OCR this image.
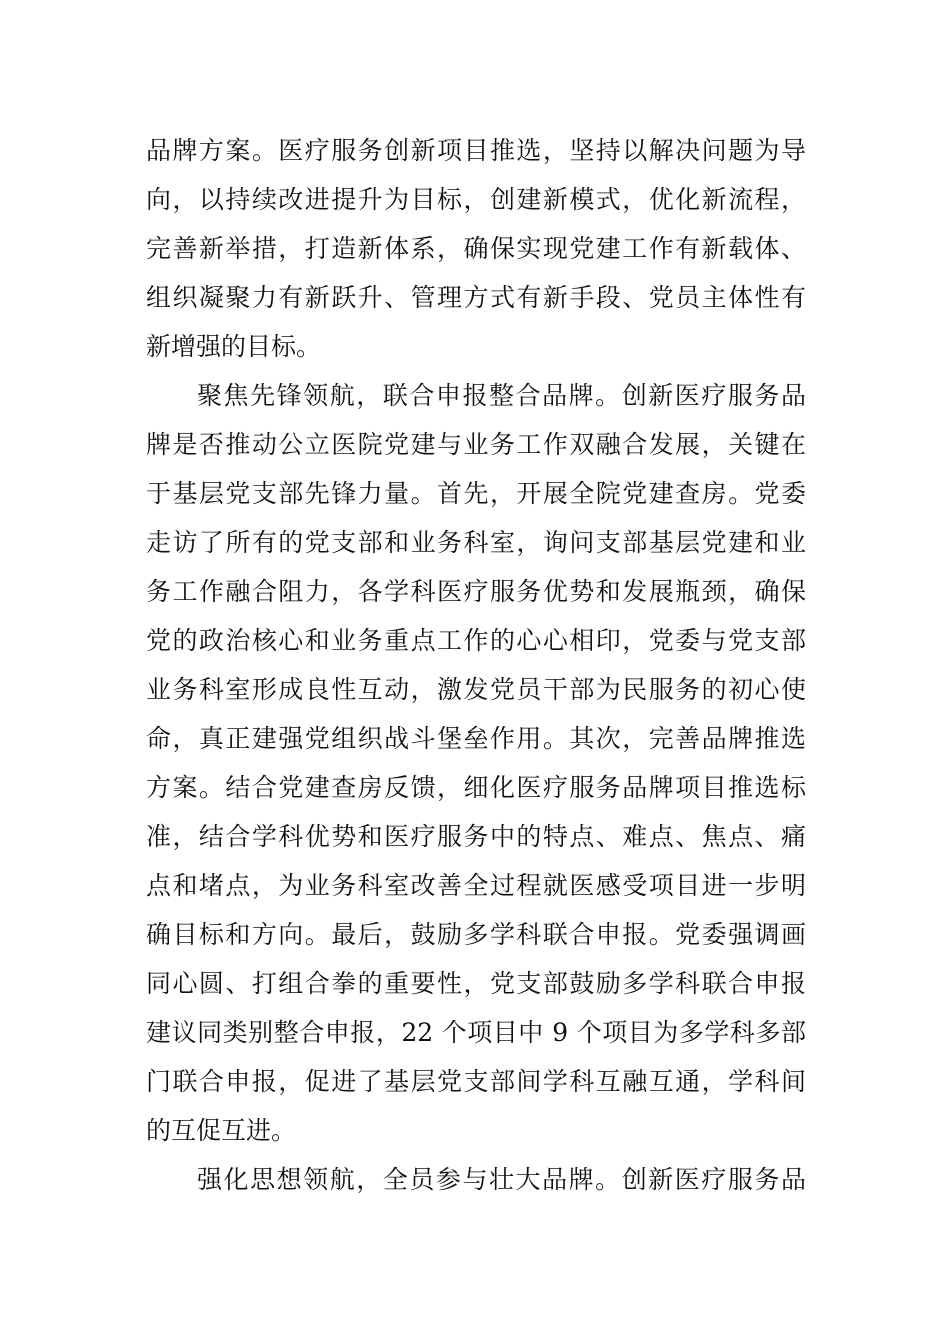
品牌方案。医疗服务创新项目推选，坚持以解决问题为导
向，以持续改进提升为目标，创建新模式，优化新流程，
完善新举措，打造新体系，确保实现党建工作有新载体、
组织凝聚力有新跃升、管理方式有新手段、党员主体性有
新增强的目标。
聚焦先锋领航，联合申报整合品牌。创新医疗服务品
牌是否推动公立医院党建与业务工作双融合发展，关键在
于基层党支部先锋力量。首先，开展全院党建查房。党委
走访了所有的党支部和业务科室，询问支部基层党建和业
务工作融合阻力，各学科医疗服务优势和发展瓶颈，确保
党的政治核心和业务重点工作的心心相印，党委与党支部
业务科室形成良性互动，激发党员干部为民服务的初心使
命，真正建强党组织战斗堡垒作用。其次，完善品牌推选
方案。结合党建查房反馈，细化医疗服务品牌项目推选标
准，结合学科优势和医疗服务中的特点、难点、焦点、痛
点和堵点，为业务科室改善全过程就医感受项目进一步明
确目标和方向。最后，鼓励多学科联合申报。党委强调画
同心圆、打组合拳的重要性，党支部鼓励多学科联合申报
建议同类别整合申报，22 个项目中 9 个项目为多学科多部
门联合申报，促进了基层党支部间学科互融互通，学科间
的互促互进。
强化思想领航，全员参与壮大品牌。创新医疗服务品
